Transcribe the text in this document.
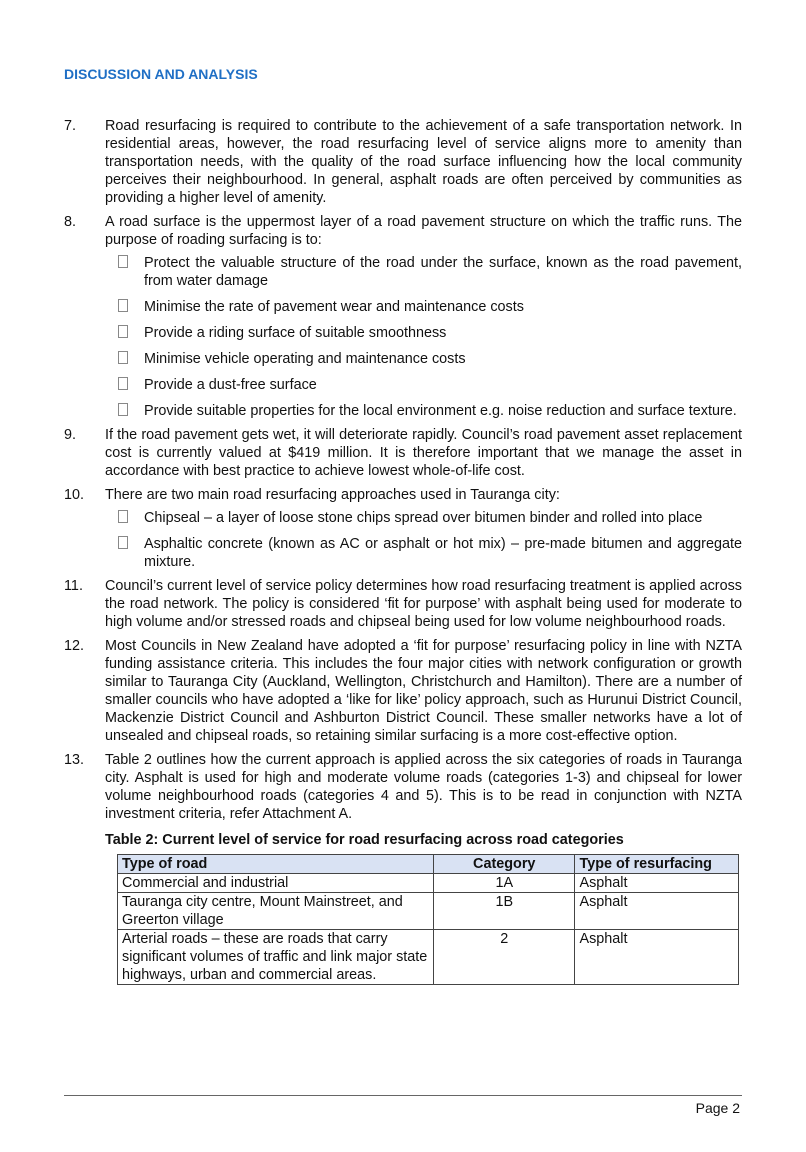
DISCUSSION AND ANALYSIS
7.	Road resurfacing is required to contribute to the achievement of a safe transportation network. In residential areas, however, the road resurfacing level of service aligns more to amenity than transportation needs, with the quality of the road surface influencing how the local community perceives their neighbourhood. In general, asphalt roads are often perceived by communities as providing a higher level of amenity.
8.	A road surface is the uppermost layer of a road pavement structure on which the traffic runs. The purpose of roading surfacing is to:
Protect the valuable structure of the road under the surface, known as the road pavement, from water damage
Minimise the rate of pavement wear and maintenance costs
Provide a riding surface of suitable smoothness
Minimise vehicle operating and maintenance costs
Provide a dust-free surface
Provide suitable properties for the local environment e.g. noise reduction and surface texture.
9.	If the road pavement gets wet, it will deteriorate rapidly. Council’s road pavement asset replacement cost is currently valued at $419 million. It is therefore important that we manage the asset in accordance with best practice to achieve lowest whole-of-life cost.
10.	There are two main road resurfacing approaches used in Tauranga city:
Chipseal – a layer of loose stone chips spread over bitumen binder and rolled into place
Asphaltic concrete (known as AC or asphalt or hot mix) – pre-made bitumen and aggregate mixture.
11.	Council’s current level of service policy determines how road resurfacing treatment is applied across the road network. The policy is considered ‘fit for purpose’ with asphalt being used for moderate to high volume and/or stressed roads and chipseal being used for low volume neighbourhood roads.
12.	Most Councils in New Zealand have adopted a ‘fit for purpose’ resurfacing policy in line with NZTA funding assistance criteria. This includes the four major cities with network configuration or growth similar to Tauranga City (Auckland, Wellington, Christchurch and Hamilton). There are a number of smaller councils who have adopted a ‘like for like’ policy approach, such as Hurunui District Council, Mackenzie District Council and Ashburton District Council. These smaller networks have a lot of unsealed and chipseal roads, so retaining similar surfacing is a more cost-effective option.
13.	Table 2 outlines how the current approach is applied across the six categories of roads in Tauranga city. Asphalt is used for high and moderate volume roads (categories 1-3) and chipseal for lower volume neighbourhood roads (categories 4 and 5). This is to be read in conjunction with NZTA investment criteria, refer Attachment A.
Table 2: Current level of service for road resurfacing across road categories
Type of road	Category	Type of resurfacing
Commercial and industrial	1A	Asphalt
Tauranga city centre, Mount Mainstreet, and Greerton village	1B	Asphalt
Arterial roads – these are roads that carry significant volumes of traffic and link major state highways, urban and commercial areas.	2	Asphalt
Page 2
